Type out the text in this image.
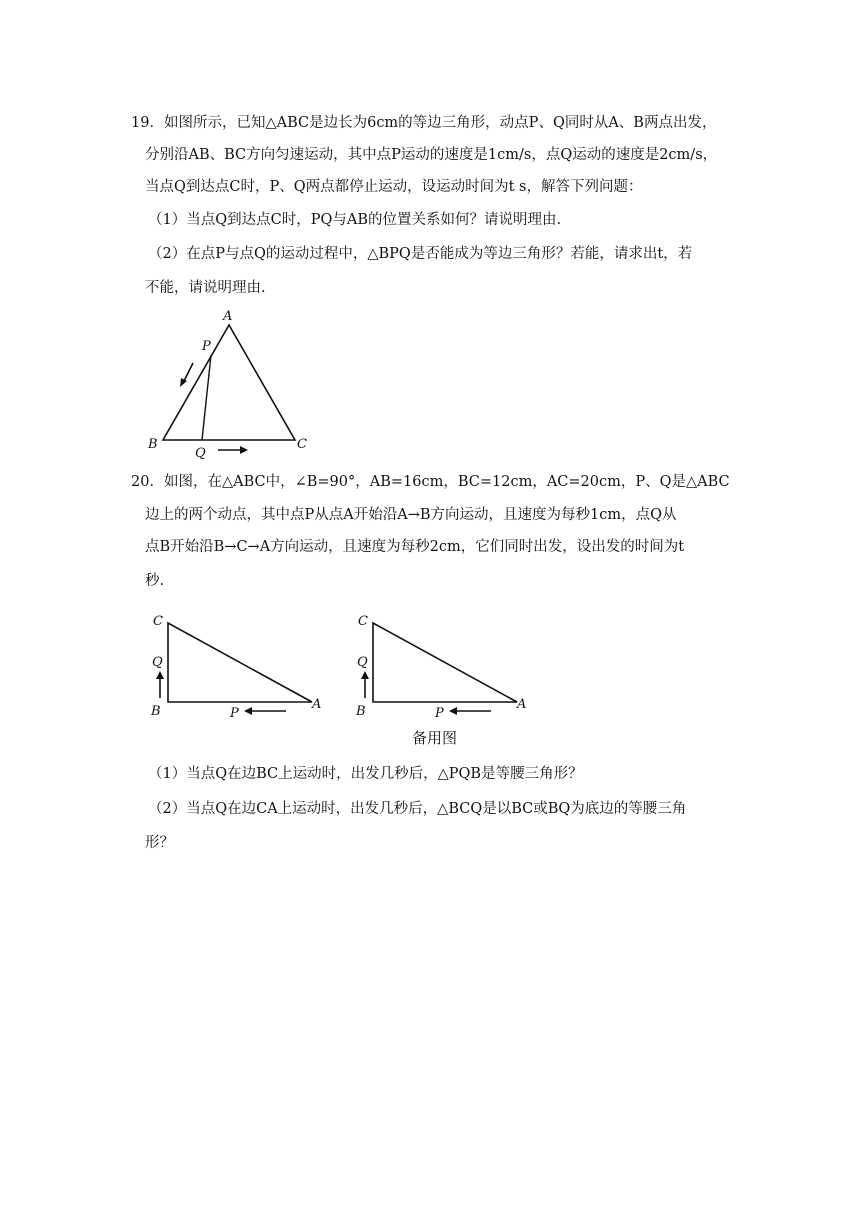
19．如图所示，已知△ABC是边长为6cm的等边三角形，动点P、Q同时从A、B两点出发，
分别沿AB、BC方向匀速运动，其中点P运动的速度是1cm/s，点Q运动的速度是2cm/s，
当点Q到达点C时，P、Q两点都停止运动，设运动时间为t s，解答下列问题：
（1）当点Q到达点C时，PQ与AB的位置关系如何？请说明理由.
（2）在点P与点Q的运动过程中，△BPQ是否能成为等边三角形？若能，请求出t，若
不能，请说明理由.
A
P
B	C
Q
20．如图，在△ABC中，∠B=90°，AB=16cm，BC=12cm，AC=20cm，P、Q是△ABC
边上的两个动点，其中点P从点A开始沿A→B方向运动，且速度为每秒1cm，点Q从
点B开始沿B→C→A方向运动，且速度为每秒2cm，它们同时出发，设出发的时间为t
秒.
C
Q
B	A
P
C
Q
B	A
P
备用图
（1）当点Q在边BC上运动时，出发几秒后，△PQB是等腰三角形？
（2）当点Q在边CA上运动时，出发几秒后，△BCQ是以BC或BQ为底边的等腰三角
形？
